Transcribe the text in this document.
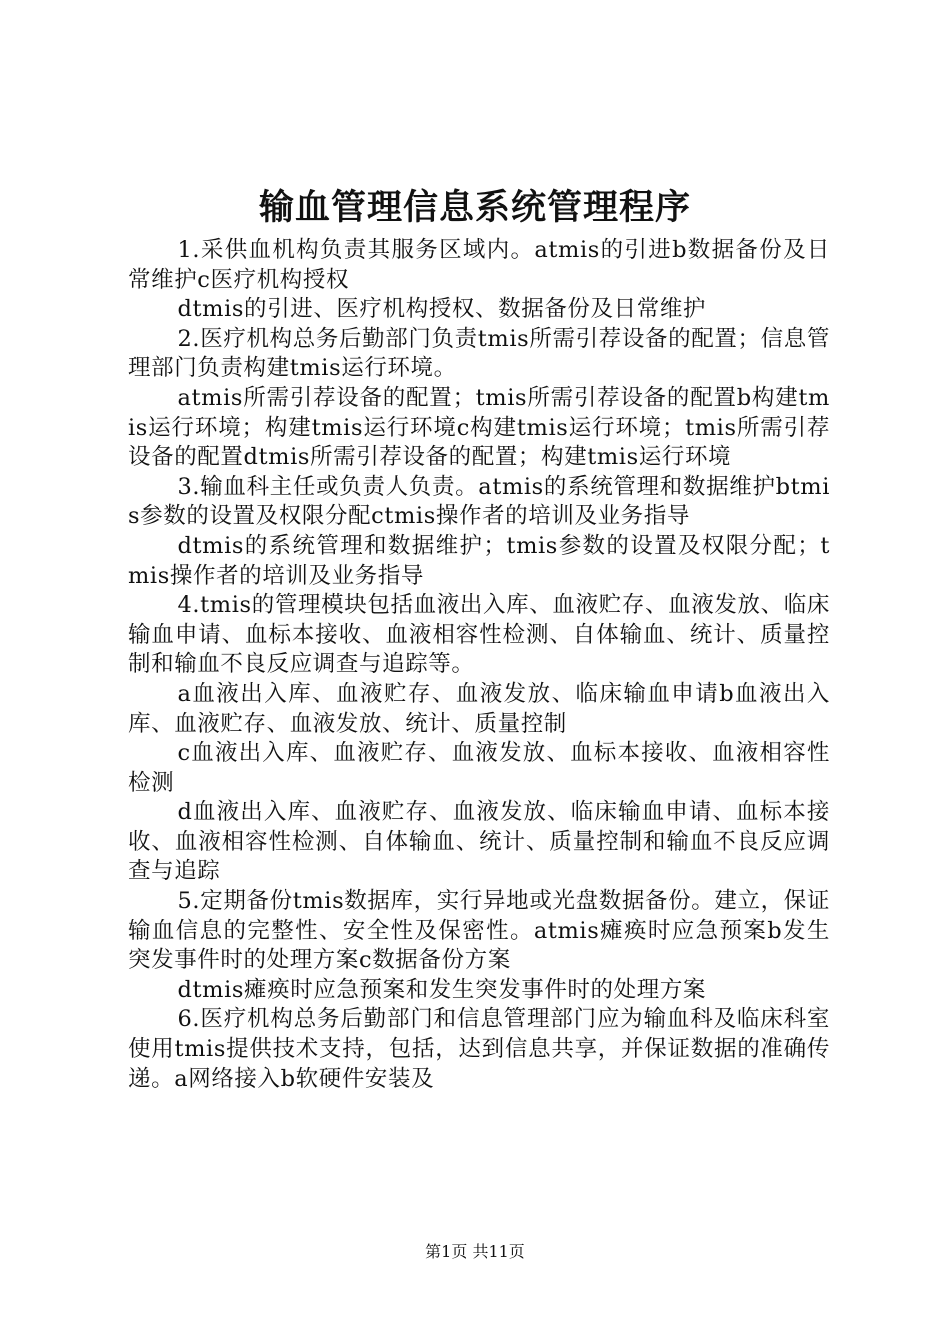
输血管理信息系统管理程序

1.采供血机构负责其服务区域内。atmis的引进b数据备份及日常维护c医疗机构授权

dtmis的引进、医疗机构授权、数据备份及日常维护

2.医疗机构总务后勤部门负责tmis所需引荐设备的配置；信息管理部门负责构建tmis运行环境。

atmis所需引荐设备的配置；tmis所需引荐设备的配置b构建tmis运行环境；构建tmis运行环境c构建tmis运行环境；tmis所需引荐设备的配置dtmis所需引荐设备的配置；构建tmis运行环境

3.输血科主任或负责人负责。atmis的系统管理和数据维护btmis参数的设置及权限分配ctmis操作者的培训及业务指导

dtmis的系统管理和数据维护；tmis参数的设置及权限分配；tmis操作者的培训及业务指导

4.tmis的管理模块包括血液出入库、血液贮存、血液发放、临床输血申请、血标本接收、血液相容性检测、自体输血、统计、质量控制和输血不良反应调查与追踪等。

a血液出入库、血液贮存、血液发放、临床输血申请b血液出入库、血液贮存、血液发放、统计、质量控制

c血液出入库、血液贮存、血液发放、血标本接收、血液相容性检测

d血液出入库、血液贮存、血液发放、临床输血申请、血标本接收、血液相容性检测、自体输血、统计、质量控制和输血不良反应调查与追踪

5.定期备份tmis数据库，实行异地或光盘数据备份。建立，保证输血信息的完整性、安全性及保密性。atmis瘫痪时应急预案b发生突发事件时的处理方案c数据备份方案

dtmis瘫痪时应急预案和发生突发事件时的处理方案

6.医疗机构总务后勤部门和信息管理部门应为输血科及临床科室使用tmis提供技术支持，包括，达到信息共享，并保证数据的准确传递。a网络接入b软硬件安装及

第1页 共11页
